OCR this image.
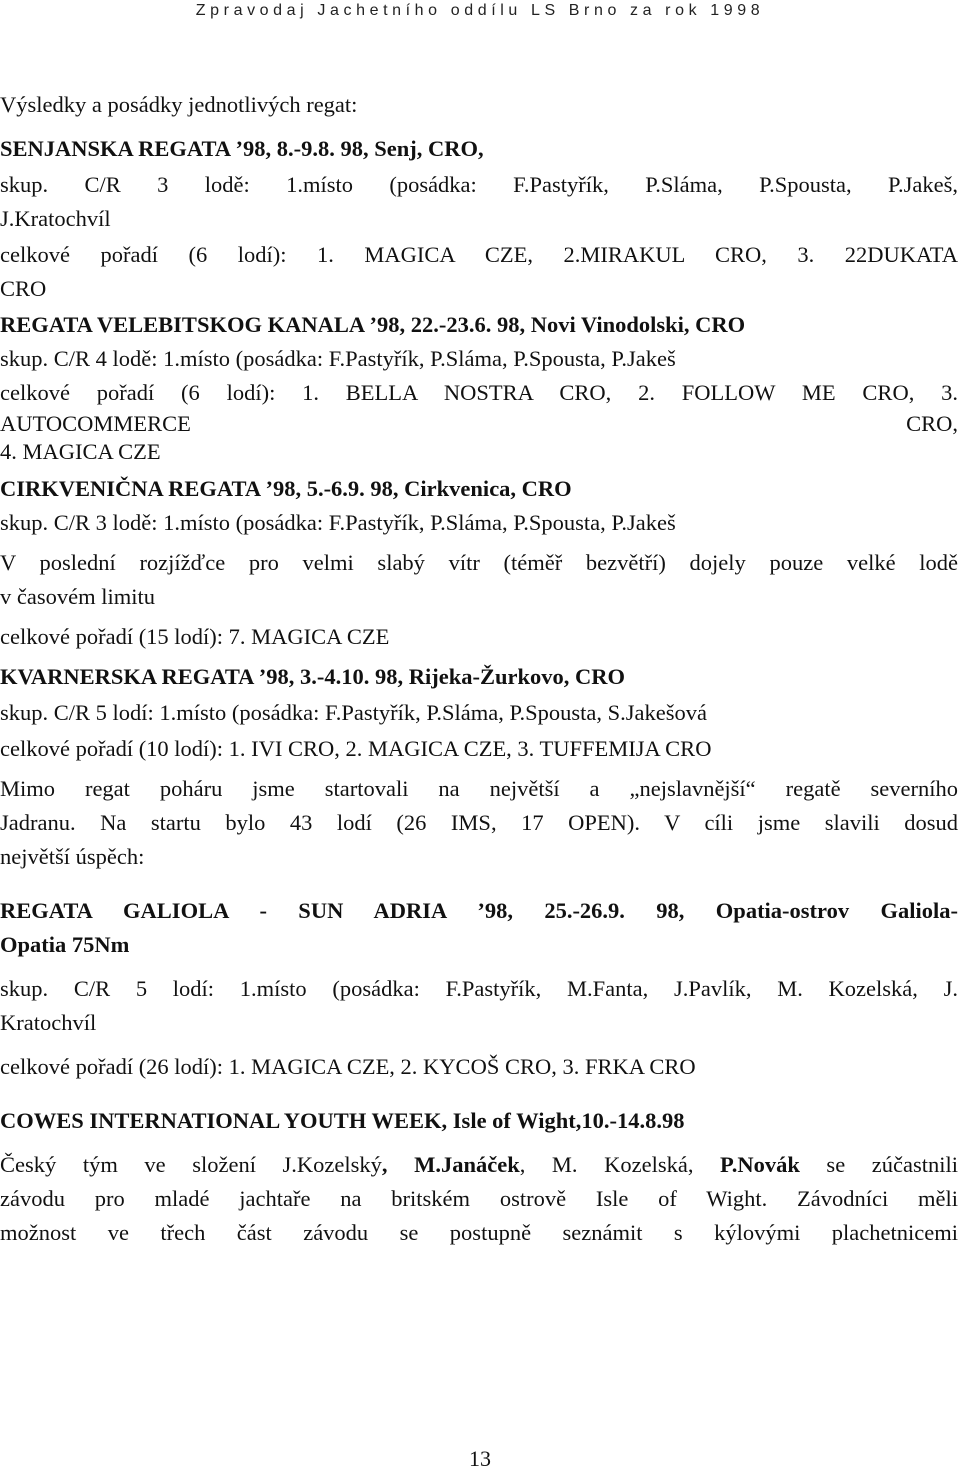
Zpravodaj Jachetního oddílu LS Brno za rok 1998

Výsledky a posádky jednotlivých regat:

SENJANSKA REGATA ’98, 8.-9.8. 98, Senj, CRO,

skup. C/R 3 lodě: 1.místo (posádka: F.Pastyřík, P.Sláma, P.Spousta, P.Jakeš,

J.Kratochvíl

celkové pořadí (6 lodí): 1. MAGICA CZE, 2.MIRAKUL CRO, 3. 22DUKATA

CRO

REGATA VELEBITSKOG KANALA ’98, 22.-23.6. 98, Novi Vinodolski, CRO

skup. C/R 4 lodě: 1.místo (posádka: F.Pastyřík, P.Sláma, P.Spousta, P.Jakeš

celkové pořadí (6 lodí): 1. BELLA NOSTRA CRO, 2. FOLLOW ME CRO, 3.

AUTOCOMMERCE CRO,

4. MAGICA CZE

CIRKVENIČNA REGATA ’98, 5.-6.9. 98, Cirkvenica, CRO

skup. C/R 3 lodě: 1.místo (posádka: F.Pastyřík, P.Sláma, P.Spousta, P.Jakeš

V poslední rozjížďce pro velmi slabý vítr (téměř bezvětří) dojely pouze velké lodě

v časovém limitu

celkové pořadí (15 lodí): 7. MAGICA CZE

KVARNERSKA REGATA ’98, 3.-4.10. 98, Rijeka-Žurkovo, CRO

skup. C/R 5 lodí: 1.místo (posádka: F.Pastyřík, P.Sláma, P.Spousta, S.Jakešová

celkové pořadí (10 lodí): 1. IVI CRO, 2. MAGICA CZE, 3. TUFFEMIJA CRO

Mimo regat poháru jsme startovali na největší a „nejslavnější“ regatě severního

Jadranu. Na startu bylo 43 lodí (26 IMS, 17 OPEN). V cíli jsme slavili dosud

největší úspěch:

REGATA GALIOLA - SUN ADRIA ’98, 25.-26.9. 98, Opatia-ostrov Galiola-

Opatia 75Nm

skup. C/R 5 lodí: 1.místo (posádka: F.Pastyřík, M.Fanta, J.Pavlík, M. Kozelská, J.

Kratochvíl

celkové pořadí (26 lodí): 1. MAGICA CZE, 2. KYCOŠ CRO, 3. FRKA CRO

COWES INTERNATIONAL YOUTH WEEK, Isle of Wight,10.-14.8.98

Český tým ve složení J.Kozelský, M.Janáček, M. Kozelská, P.Novák se zúčastnili

závodu pro mladé jachtaře na britském ostrově Isle of Wight. Závodníci měli

možnost ve třech část závodu se postupně seznámit s kýlovými plachetnicemi

13
